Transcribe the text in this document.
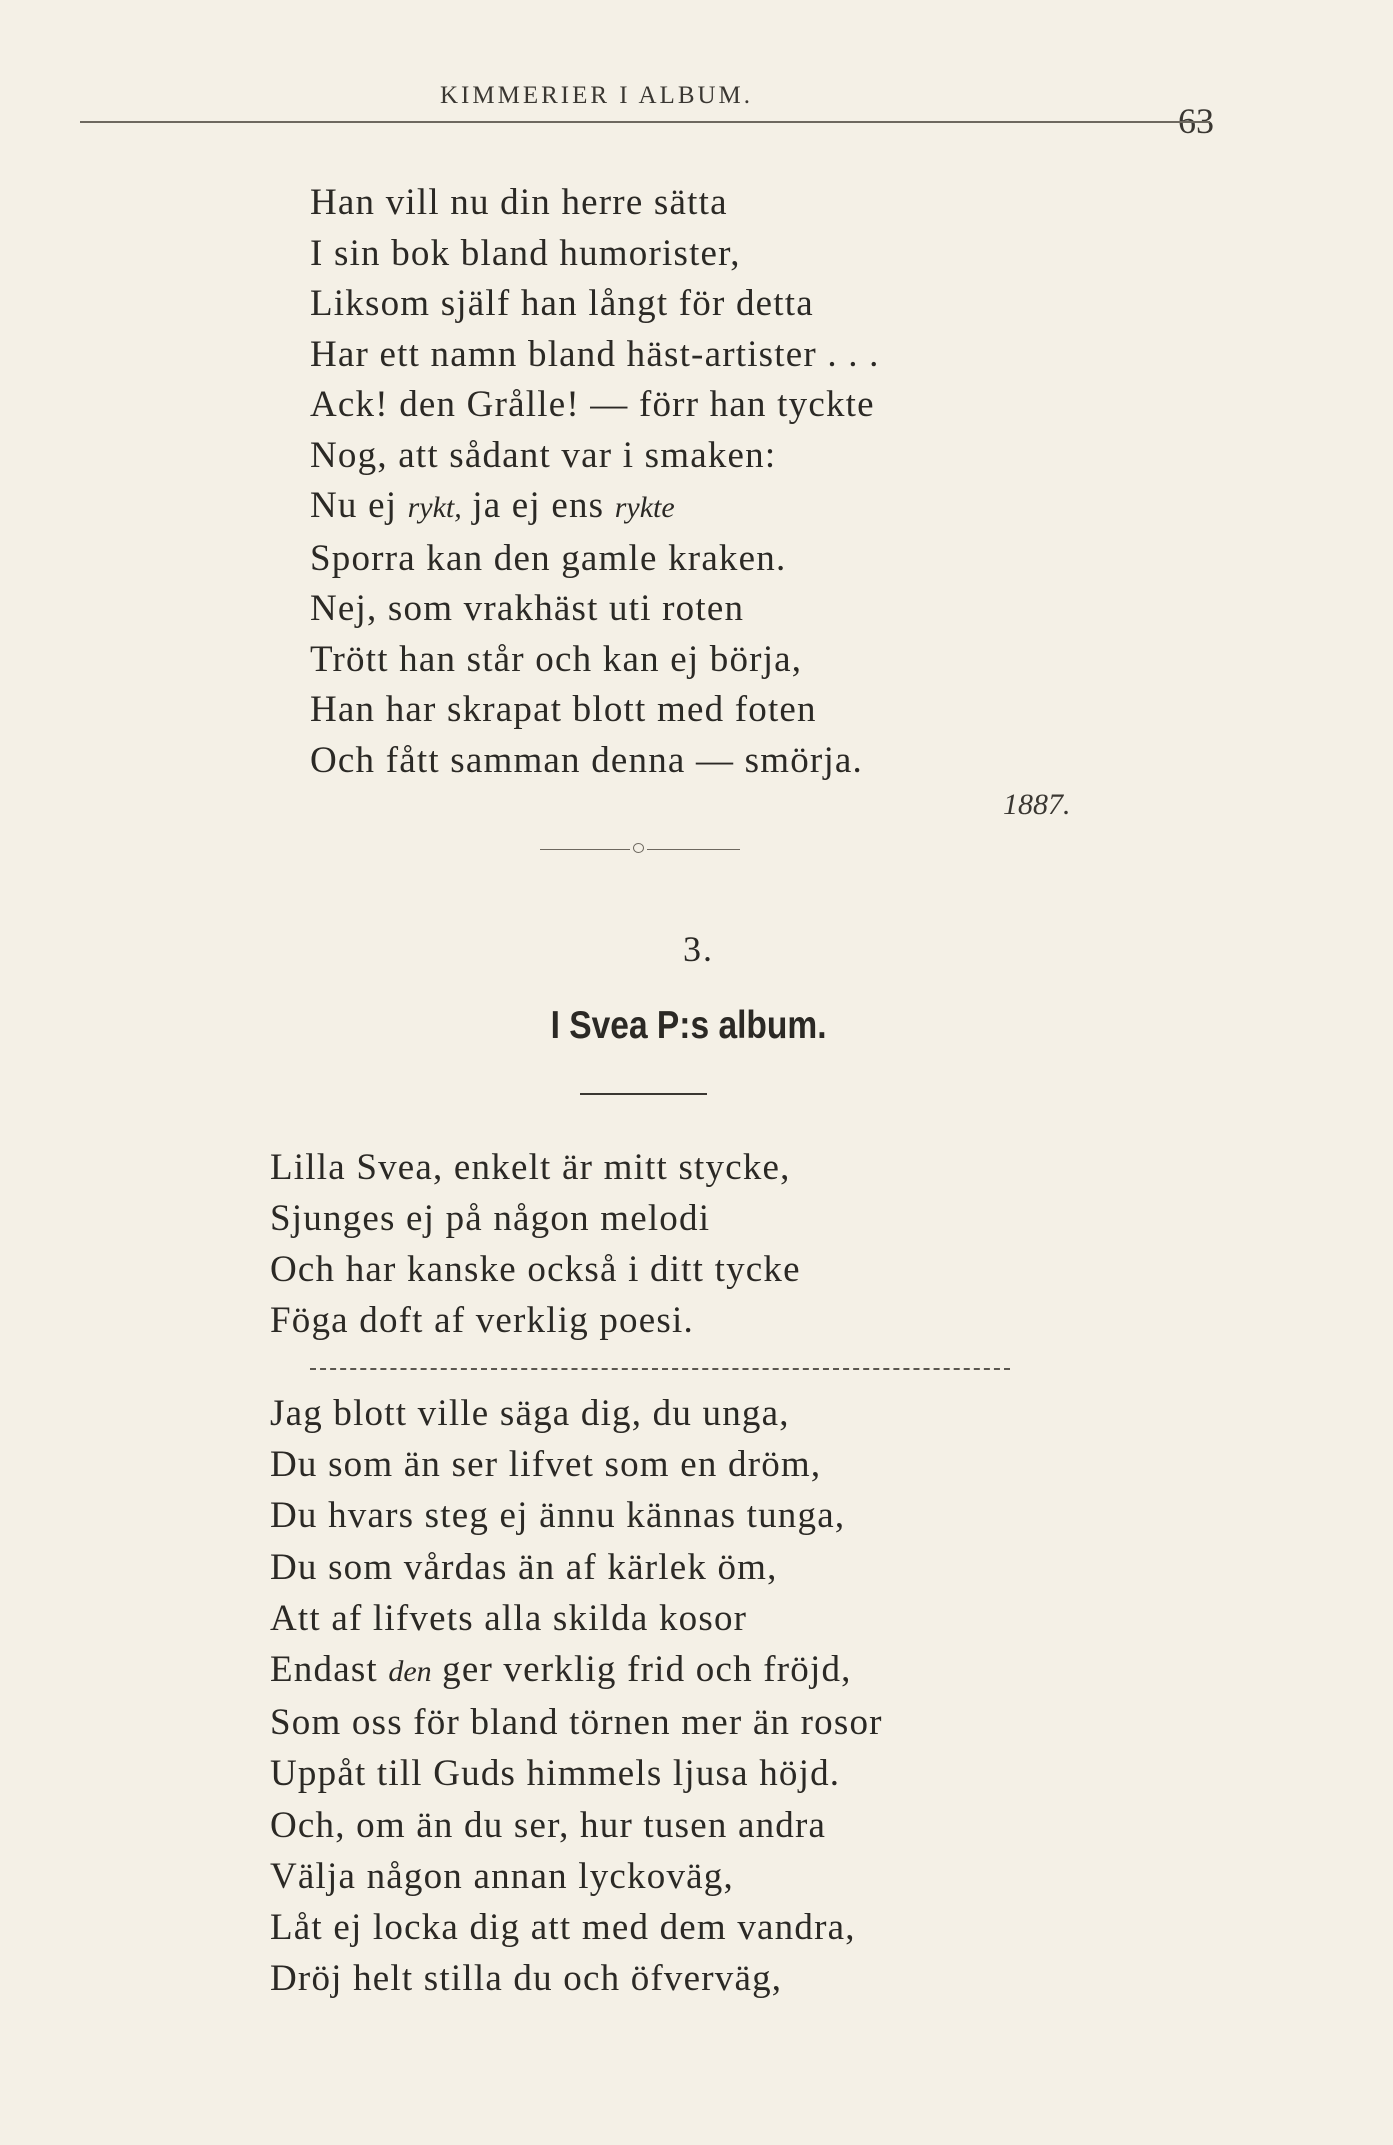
KIMMERIER I ALBUM.
63
Han vill nu din herre sätta
I sin bok bland humorister,
Liksom själf han långt för detta
Har ett namn bland häst-artister . . .
Ack! den Grålle! — förr han tyckte
Nog, att sådant var i smaken:
Nu ej rykt, ja ej ens rykte
Sporra kan den gamle kraken.
Nej, som vrakhäst uti roten
Trött han står och kan ej börja,
Han har skrapat blott med foten
Och fått samman denna — smörja.
1887.
3.
I Svea P:s album.
Lilla Svea, enkelt är mitt stycke,
Sjunges ej på någon melodi
Och har kanske också i ditt tycke
Föga doft af verklig poesi.
Jag blott ville säga dig, du unga,
Du som än ser lifvet som en dröm,
Du hvars steg ej ännu kännas tunga,
Du som vårdas än af kärlek öm,
Att af lifvets alla skilda kosor
Endast den ger verklig frid och fröjd,
Som oss för bland törnen mer än rosor
Uppåt till Guds himmels ljusa höjd.
Och, om än du ser, hur tusen andra
Välja någon annan lyckoväg,
Låt ej locka dig att med dem vandra,
Dröj helt stilla du och öfverväg,
